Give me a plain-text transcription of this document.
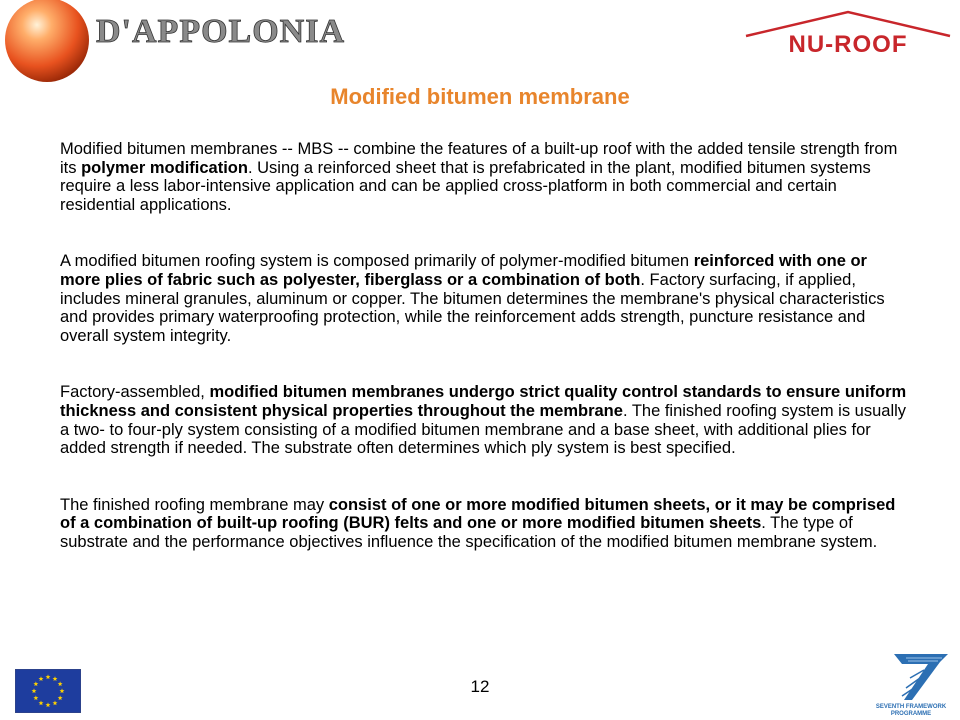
D'APPOLONIA	NU-ROOF
Modified bitumen membrane

Modified bitumen membranes -- MBS -- combine the features of a built-up roof with the added tensile strength from its polymer modification. Using a reinforced sheet that is prefabricated in the plant, modified bitumen systems require a less labor-intensive application and can be applied cross-platform in both commercial and certain residential applications.

A modified bitumen roofing system is composed primarily of polymer-modified bitumen reinforced with one or more plies of fabric such as polyester, fiberglass or a combination of both. Factory surfacing, if applied, includes mineral granules, aluminum or copper. The bitumen determines the membrane's physical characteristics and provides primary waterproofing protection, while the reinforcement adds strength, puncture resistance and overall system integrity.

Factory-assembled, modified bitumen membranes undergo strict quality control standards to ensure uniform thickness and consistent physical properties throughout the membrane. The finished roofing system is usually a two- to four-ply system consisting of a modified bitumen membrane and a base sheet, with additional plies for added strength if needed. The substrate often determines which ply system is best specified.

The finished roofing membrane may consist of one or more modified bitumen sheets, or it may be comprised of a combination of built-up roofing (BUR) felts and one or more modified bitumen sheets. The type of substrate and the performance objectives influence the specification of the modified bitumen membrane system.

12
SEVENTH FRAMEWORK
PROGRAMME
